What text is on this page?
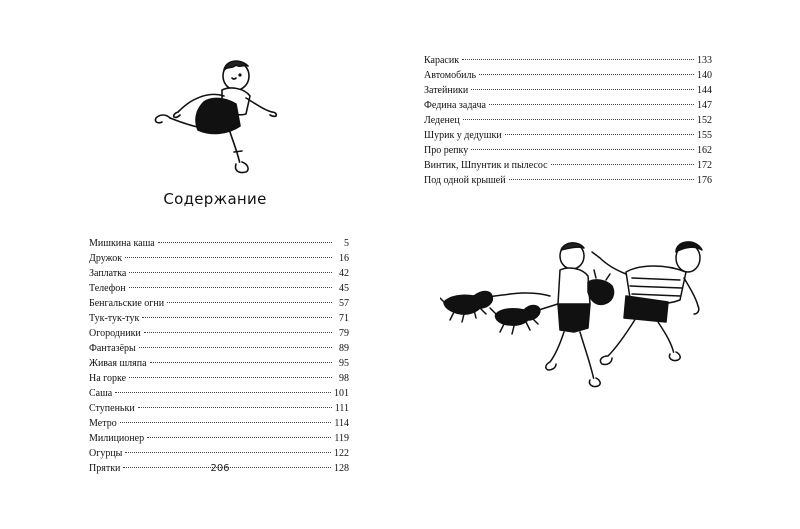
Содержание
Мишкина каша	5
Дружок	16
Заплатка	42
Телефон	45
Бенгальские огни	57
Тук-тук-тук	71
Огородники	79
Фантазёры	89
Живая шляпа	95
На горке	98
Саша	101
Ступеньки	111
Метро	114
Милиционер	119
Огурцы	122
Прятки	128
206
Карасик	133
Автомобиль	140
Затейники	144
Федина задача	147
Леденец	152
Шурик у дедушки	155
Про репку	162
Винтик, Шпунтик и пылесос	172
Под одной крышей	176
